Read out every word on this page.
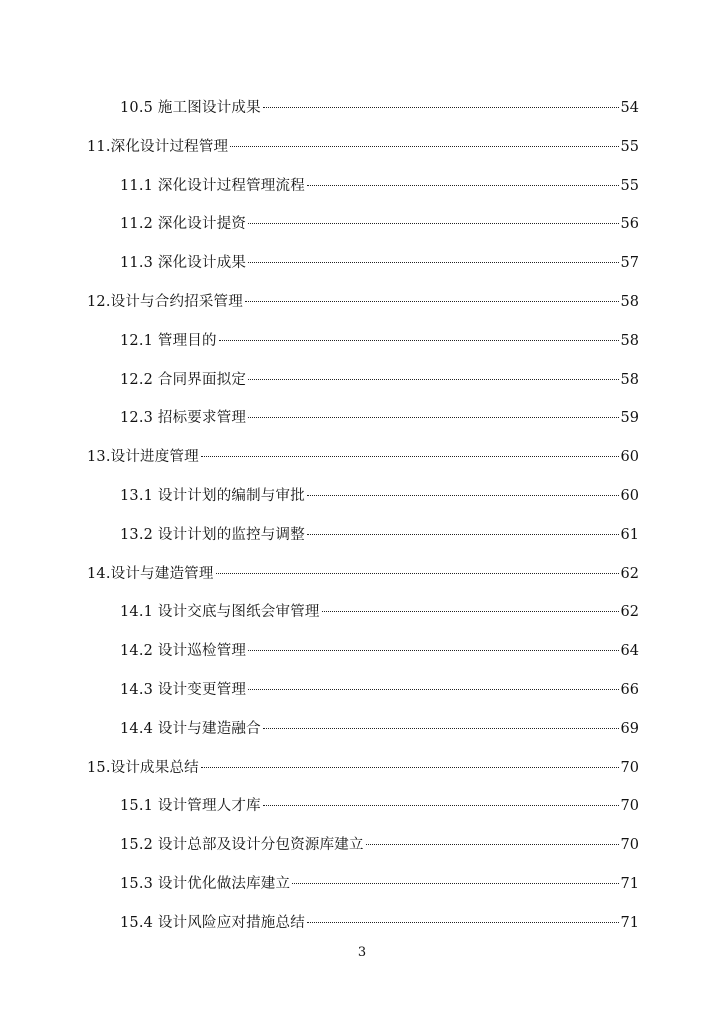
10.5 施工图设计成果	54
11.深化设计过程管理	55
11.1 深化设计过程管理流程	55
11.2 深化设计提资	56
11.3 深化设计成果	57
12.设计与合约招采管理	58
12.1 管理目的	58
12.2 合同界面拟定	58
12.3 招标要求管理	59
13.设计进度管理	60
13.1 设计计划的编制与审批	60
13.2 设计计划的监控与调整	61
14.设计与建造管理	62
14.1 设计交底与图纸会审管理	62
14.2 设计巡检管理	64
14.3 设计变更管理	66
14.4 设计与建造融合	69
15.设计成果总结	70
15.1 设计管理人才库	70
15.2 设计总部及设计分包资源库建立	70
15.3 设计优化做法库建立	71
15.4 设计风险应对措施总结	71
3
